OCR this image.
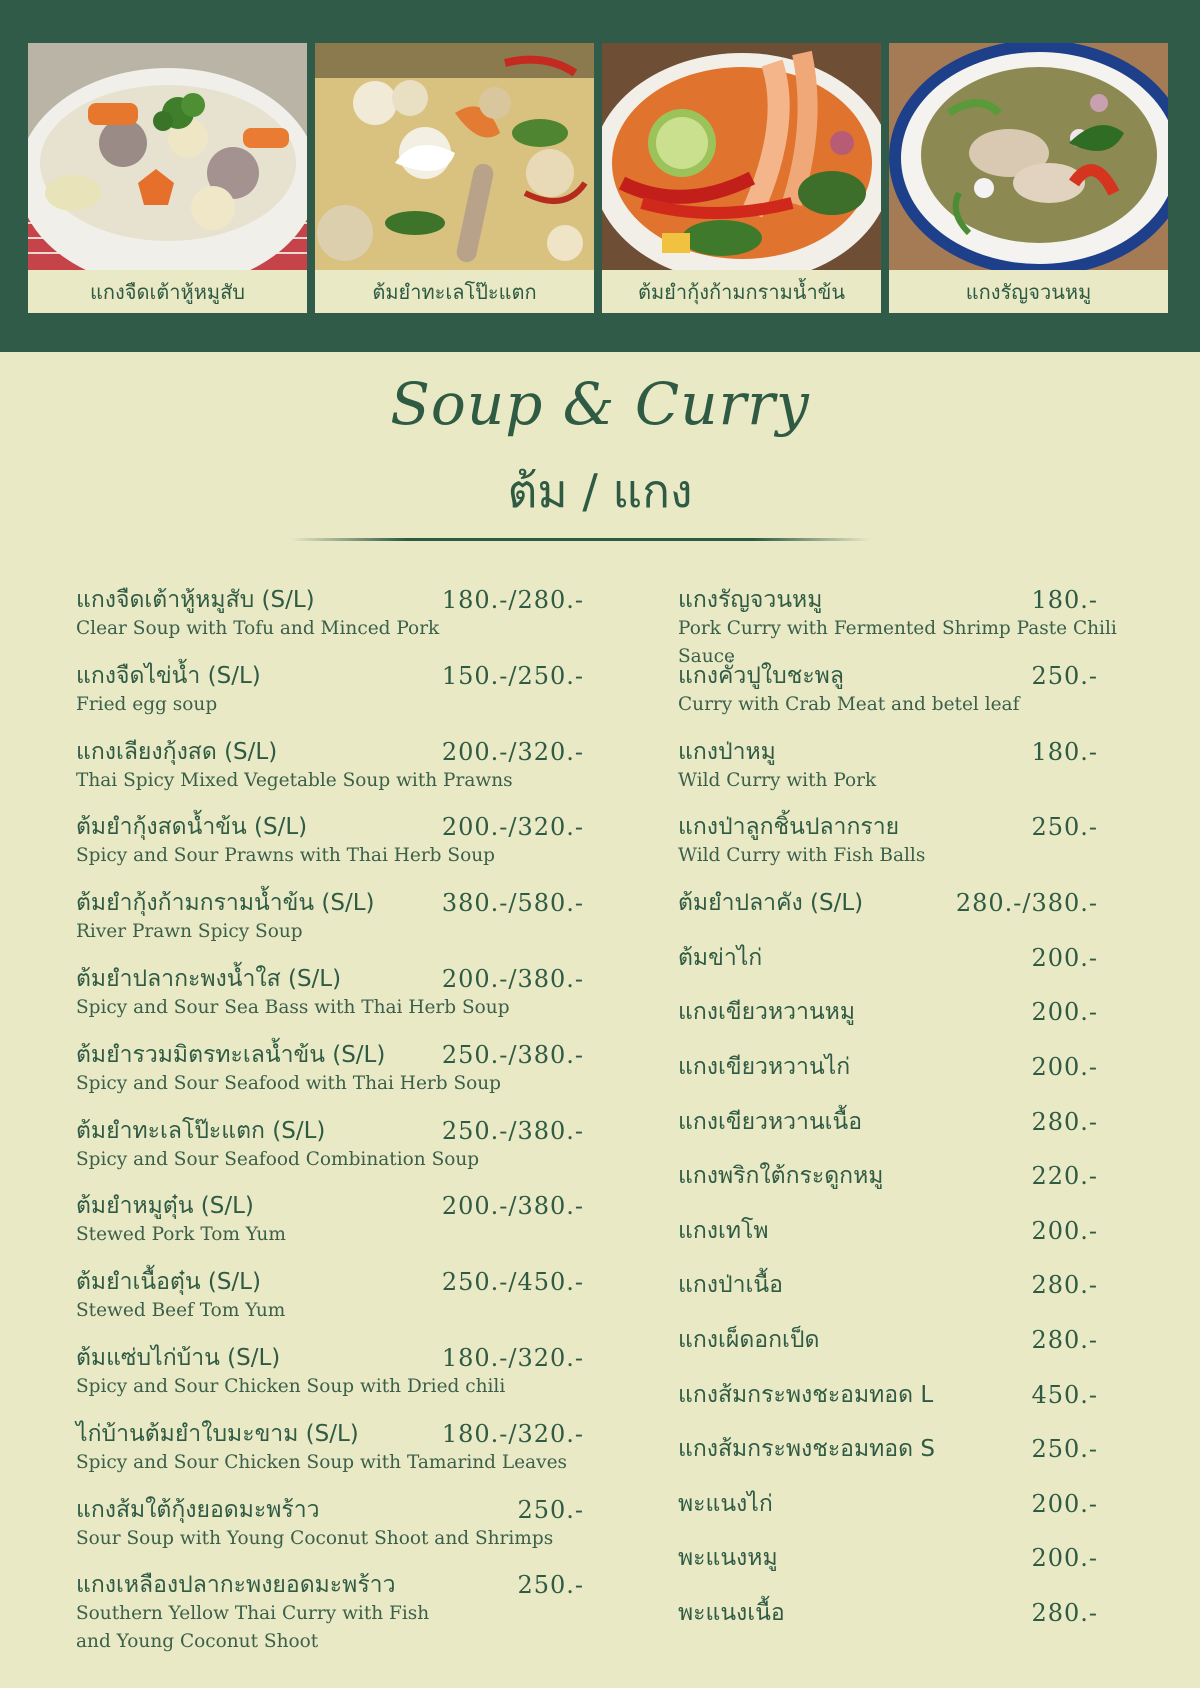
แกงจืดเต้าหู้หมูสับ	ต้มยำทะเลโป๊ะแตก	ต้มยำกุ้งก้ามกรามน้ำข้น	แกงรัญจวนหมู
Soup & Curry
ต้ม / แกง
แกงจืดเต้าหู้หมูสับ (S/L)	180.-/280.-
Clear Soup with Tofu and Minced Pork
แกงจืดไข่น้ำ (S/L)	150.-/250.-
Fried egg soup
แกงเลียงกุ้งสด (S/L)	200.-/320.-
Thai Spicy Mixed Vegetable Soup with Prawns
ต้มยำกุ้งสดน้ำข้น (S/L)	200.-/320.-
Spicy and Sour Prawns with Thai Herb Soup
ต้มยำกุ้งก้ามกรามน้ำข้น (S/L)	380.-/580.-
River Prawn Spicy Soup
ต้มยำปลากะพงน้ำใส (S/L)	200.-/380.-
Spicy and Sour Sea Bass with Thai Herb Soup
ต้มยำรวมมิตรทะเลน้ำข้น (S/L)	250.-/380.-
Spicy and Sour Seafood with Thai Herb Soup
ต้มยำทะเลโป๊ะแตก (S/L)	250.-/380.-
Spicy and Sour Seafood Combination Soup
ต้มยำหมูตุ๋น (S/L)	200.-/380.-
Stewed Pork Tom Yum
ต้มยำเนื้อตุ๋น (S/L)	250.-/450.-
Stewed Beef Tom Yum
ต้มแซ่บไก่บ้าน (S/L)	180.-/320.-
Spicy and Sour Chicken Soup with Dried chili
ไก่บ้านต้มยำใบมะขาม (S/L)	180.-/320.-
Spicy and Sour Chicken Soup with Tamarind Leaves
แกงส้มใต้กุ้งยอดมะพร้าว	250.-
Sour Soup with Young Coconut Shoot and Shrimps
แกงเหลืองปลากะพงยอดมะพร้าว	250.-
Southern Yellow Thai Curry with Fish and Young Coconut Shoot
แกงรัญจวนหมู	180.-
Pork Curry with Fermented Shrimp Paste Chili Sauce
แกงคั่วปูใบชะพลู	250.-
Curry with Crab Meat and betel leaf
แกงป่าหมู	180.-
Wild Curry with Pork
แกงป่าลูกชิ้นปลากราย	250.-
Wild Curry with Fish Balls
ต้มยำปลาคัง (S/L)	280.-/380.-
ต้มข่าไก่	200.-
แกงเขียวหวานหมู	200.-
แกงเขียวหวานไก่	200.-
แกงเขียวหวานเนื้อ	280.-
แกงพริกใต้กระดูกหมู	220.-
แกงเทโพ	200.-
แกงป่าเนื้อ	280.-
แกงเผ็ดอกเป็ด	280.-
แกงส้มกระพงชะอมทอด L	450.-
แกงส้มกระพงชะอมทอด S	250.-
พะแนงไก่	200.-
พะแนงหมู	200.-
พะแนงเนื้อ	280.-
